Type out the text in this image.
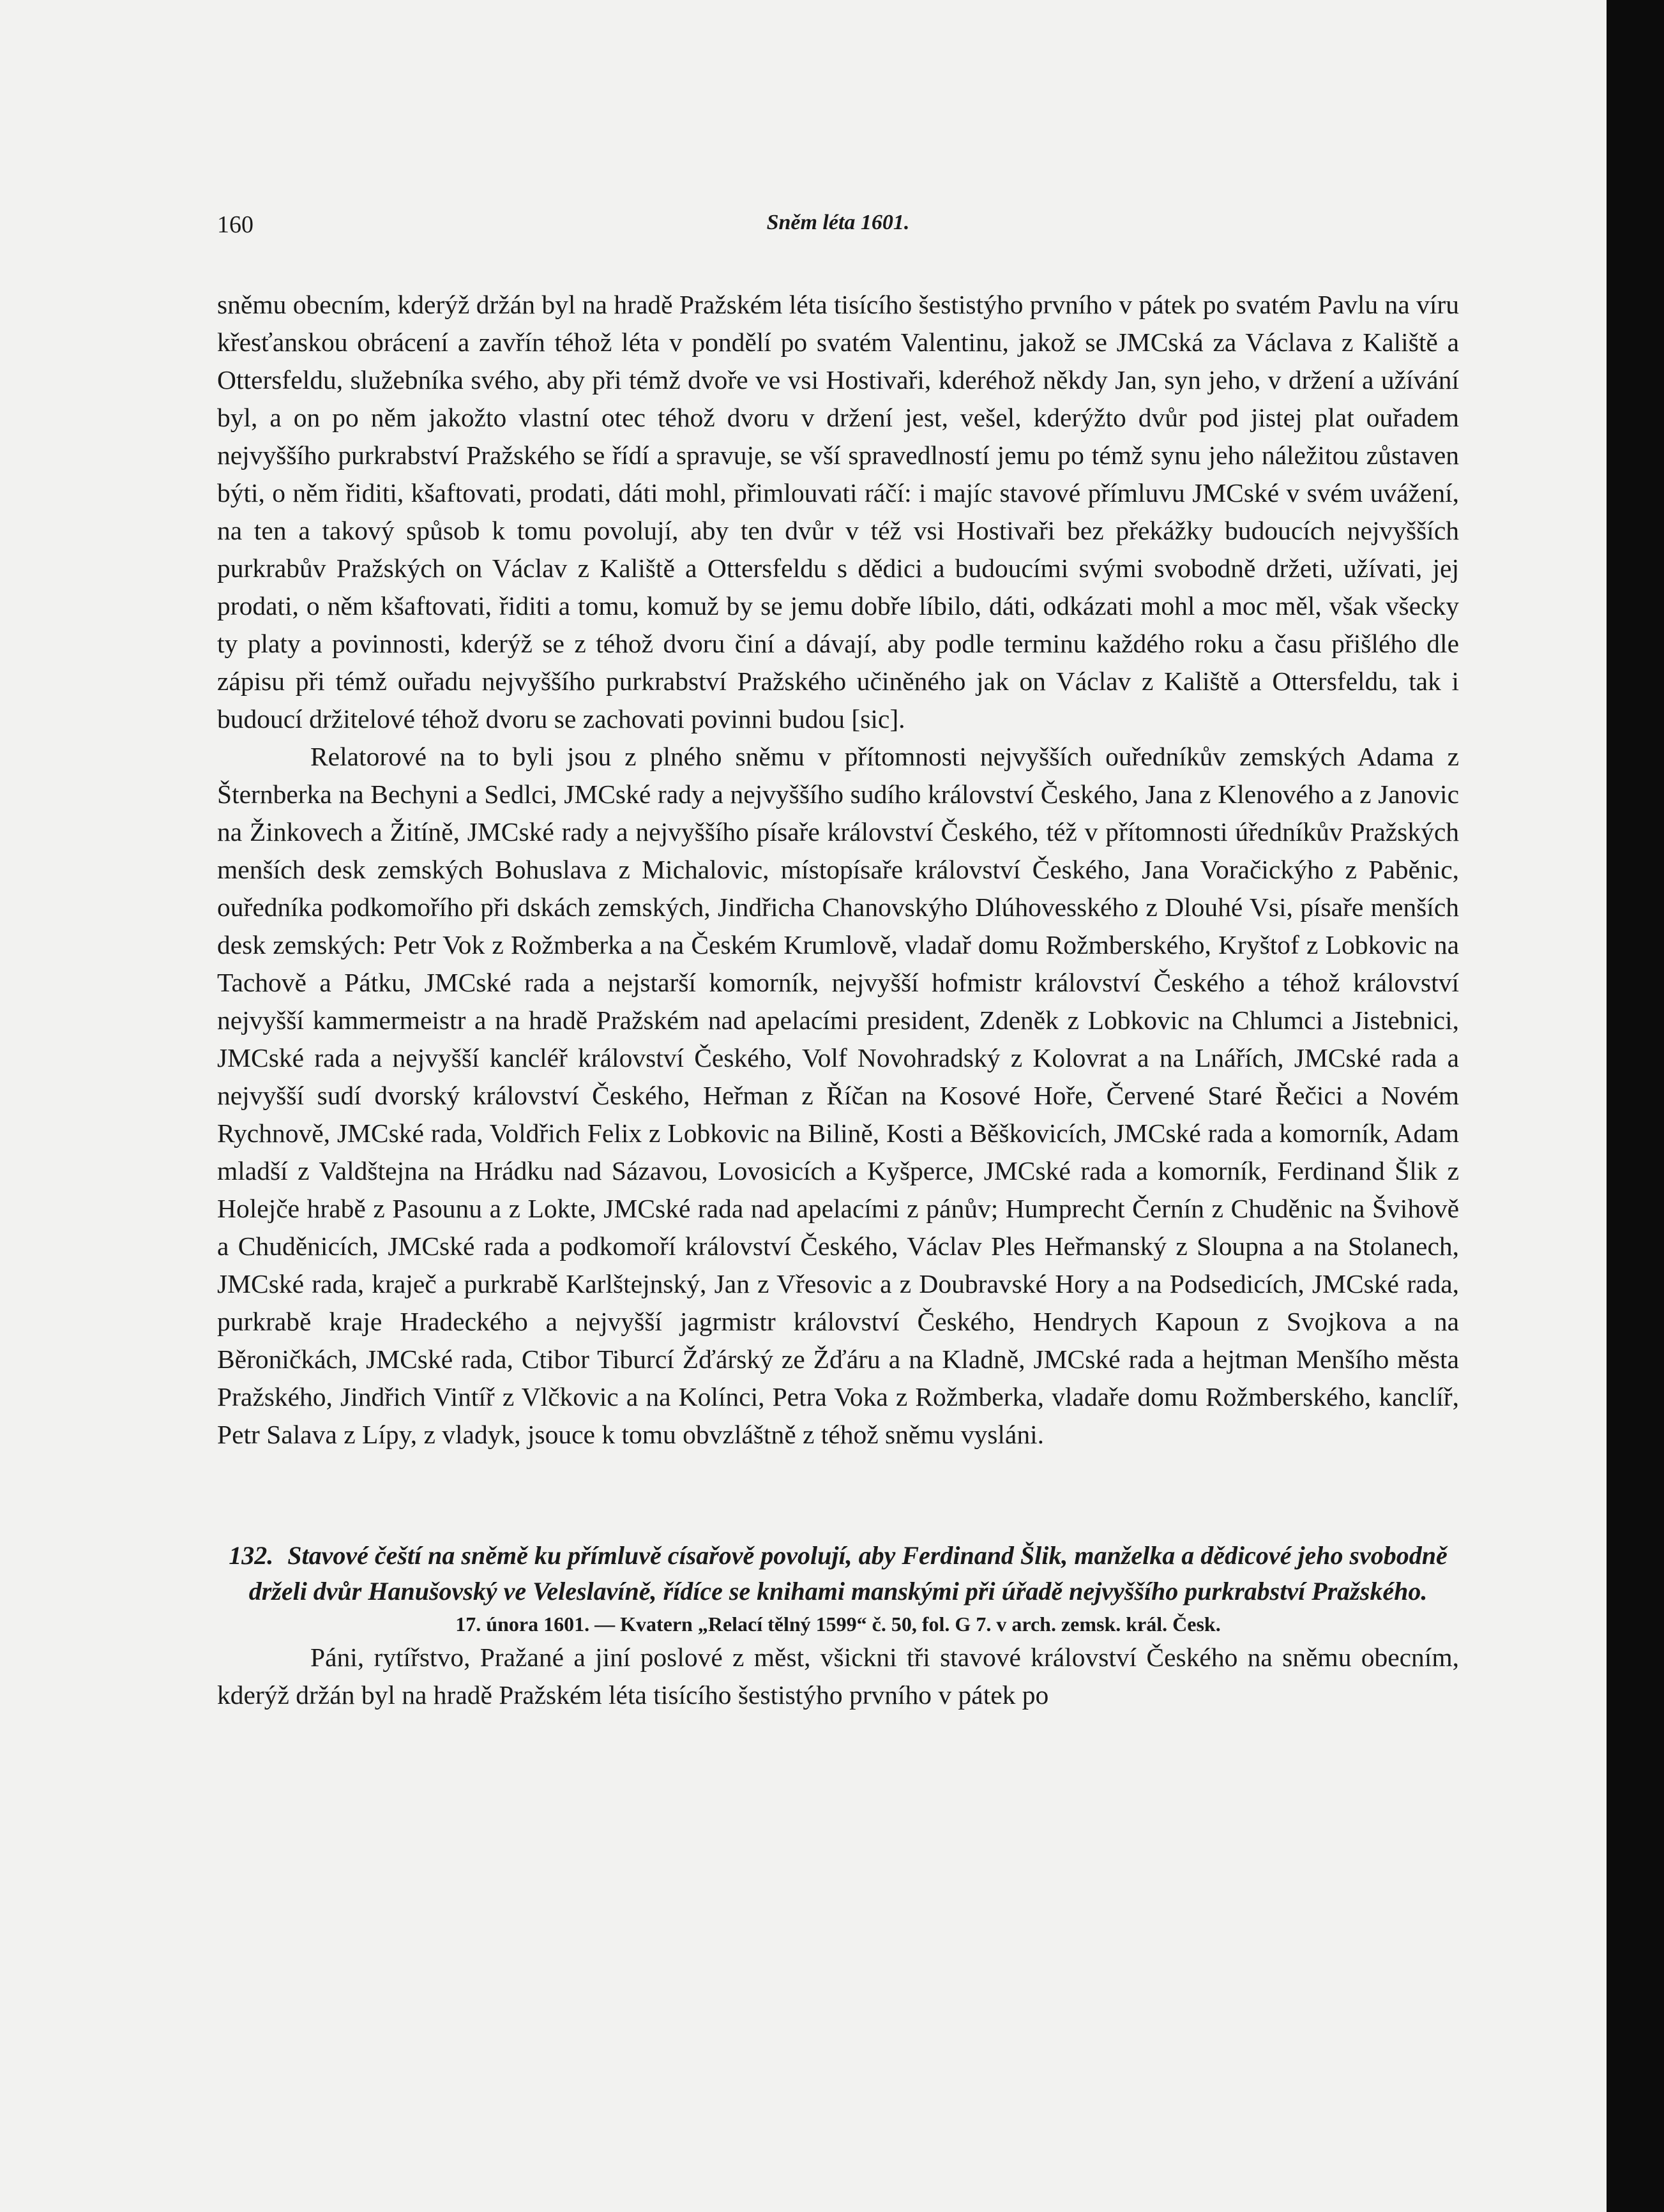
160	Sněm léta 1601.

sněmu obecním, kderýž držán byl na hradě Pražském léta tisícího šestistýho prvního v pátek po svatém Pavlu na víru křesťanskou obrácení a zavřín téhož léta v pondělí po svatém Valentinu, jakož se JMCská za Václava z Kaliště a Ottersfeldu, služebníka svého, aby při témž dvoře ve vsi Hostivaři, kderéhož někdy Jan, syn jeho, v držení a užívání byl, a on po něm jakožto vlastní otec téhož dvoru v držení jest, vešel, kderýžto dvůr pod jistej plat ouřadem nejvyššího purkrabství Pražského se řídí a spravuje, se vší spravedlností jemu po témž synu jeho náležitou zůstaven býti, o něm řiditi, kšaftovati, prodati, dáti mohl, přimlouvati ráčí: i majíc stavové přímluvu JMCské v svém uvážení, na ten a takový spůsob k tomu povolují, aby ten dvůr v též vsi Hostivaři bez překážky budoucích nejvyšších purkrabův Pražských on Václav z Kaliště a Ottersfeldu s dědici a budoucími svými svobodně držeti, užívati, jej prodati, o něm kšaftovati, řiditi a tomu, komuž by se jemu dobře líbilo, dáti, odkázati mohl a moc měl, však všecky ty platy a povinnosti, kderýž se z téhož dvoru činí a dávají, aby podle terminu každého roku a času přišlého dle zápisu při témž ouřadu nejvyššího purkrabství Pražského učiněného jak on Václav z Kaliště a Ottersfeldu, tak i budoucí držitelové téhož dvoru se zachovati povinni budou [sic].

Relatorové na to byli jsou z plného sněmu v přítomnosti nejvyšších ouředníkův zemských Adama z Šternberka na Bechyni a Sedlci, JMCské rady a nejvyššího sudího království Českého, Jana z Klenového a z Janovic na Žinkovech a Žitíně, JMCské rady a nejvyššího písaře království Českého, též v přítomnosti úředníkův Pražských menších desk zemských Bohuslava z Michalovic, místopísaře království Českého, Jana Voračickýho z Paběnic, ouředníka podkomořího při dskách zemských, Jindřicha Chanovskýho Dlúhovesského z Dlouhé Vsi, písaře menších desk zemských: Petr Vok z Rožmberka a na Českém Krumlově, vladař domu Rožmberského, Kryštof z Lobkovic na Tachově a Pátku, JMCské rada a nejstarší komorník, nejvyšší hofmistr království Českého a téhož království nejvyšší kammermeistr a na hradě Pražském nad apelacími president, Zdeněk z Lobkovic na Chlumci a Jistebnici, JMCské rada a nejvyšší kancléř království Českého, Volf Novohradský z Kolovrat a na Lnářích, JMCské rada a nejvyšší sudí dvorský království Českého, Heřman z Říčan na Kosové Hoře, Červené Staré Řečici a Novém Rychnově, JMCské rada, Voldřich Felix z Lobkovic na Bilině, Kosti a Běškovicích, JMCské rada a komorník, Adam mladší z Valdštejna na Hrádku nad Sázavou, Lovosicích a Kyšperce, JMCské rada a komorník, Ferdinand Šlik z Holejče hrabě z Pasounu a z Lokte, JMCské rada nad apelacími z pánův; Humprecht Černín z Chuděnic na Švihově a Chuděnicích, JMCské rada a podkomoří království Českého, Václav Ples Heřmanský z Sloupna a na Stolanech, JMCské rada, kraječ a purkrabě Karlštejnský, Jan z Vřesovic a z Doubravské Hory a na Podsedicích, JMCské rada, purkrabě kraje Hradeckého a nejvyšší jagrmistr království Českého, Hendrych Kapoun z Svojkova a na Běroničkách, JMCské rada, Ctibor Tiburcí Žďárský ze Žďáru a na Kladně, JMCské rada a hejtman Menšího města Pražského, Jindřich Vintíř z Vlčkovic a na Kolínci, Petra Voka z Rožmberka, vladaře domu Rožmberského, kanclíř, Petr Salava z Lípy, z vladyk, jsouce k tomu obvzláštně z téhož sněmu vysláni.

132. Stavové čeští na sněmě ku přímluvě císařově povolují, aby Ferdinand Šlik, manželka a dědicové jeho svobodně drželi dvůr Hanušovský ve Veleslavíně, řídíce se knihami manskými při úřadě nejvyššího purkrabství Pražského.

17. února 1601. — Kvatern „Relací tělný 1599“ č. 50, fol. G 7. v arch. zemsk. král. Česk.

Páni, rytířstvo, Pražané a jiní poslové z měst, všickni tři stavové království Českého na sněmu obecním, kderýž držán byl na hradě Pražském léta tisícího šestistýho prvního v pátek po
